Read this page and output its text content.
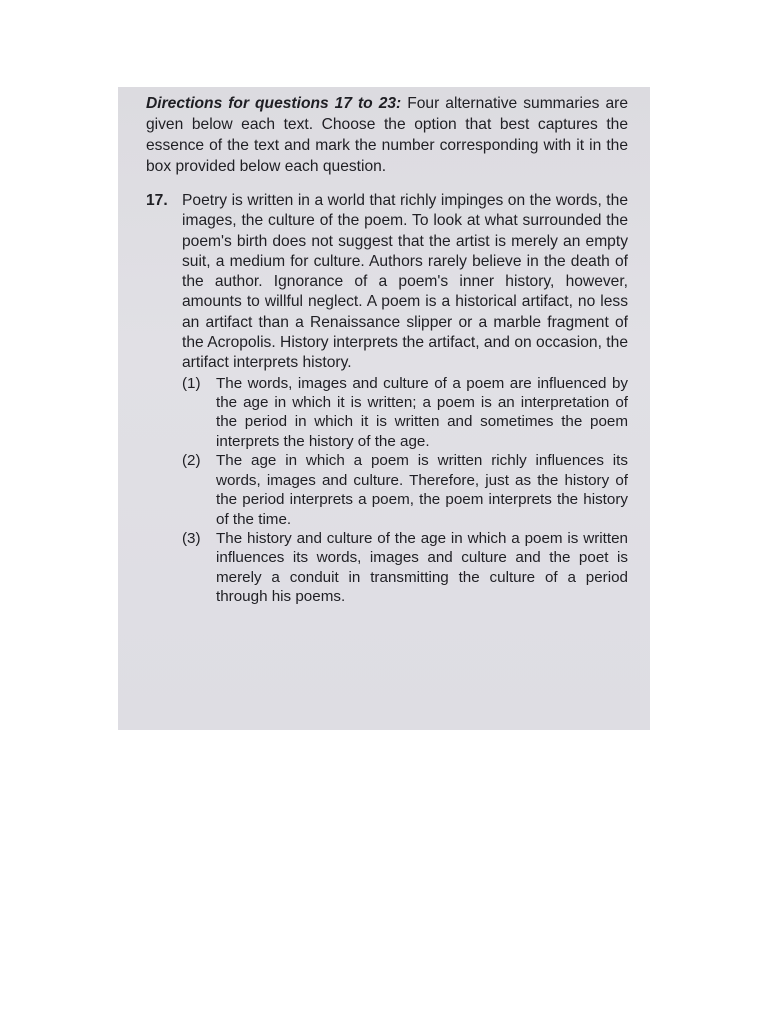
Directions for questions 17 to 23: Four alternative summaries are given below each text. Choose the option that best captures the essence of the text and mark the number corresponding with it in the box provided below each question.

17. Poetry is written in a world that richly impinges on the words, the images, the culture of the poem. To look at what surrounded the poem's birth does not suggest that the artist is merely an empty suit, a medium for culture. Authors rarely believe in the death of the author. Ignorance of a poem's inner history, however, amounts to willful neglect. A poem is a historical artifact, no less an artifact than a Renaissance slipper or a marble fragment of the Acropolis. History interprets the artifact, and on occasion, the artifact interprets history.

(1) The words, images and culture of a poem are influenced by the age in which it is written; a poem is an interpretation of the period in which it is written and sometimes the poem interprets the history of the age.
(2) The age in which a poem is written richly influences its words, images and culture. Therefore, just as the history of the period interprets a poem, the poem interprets the history of the time.
(3) The history and culture of the age in which a poem is written influences its words, images and culture and the poet is merely a conduit in transmitting the culture of a period through his poems.
